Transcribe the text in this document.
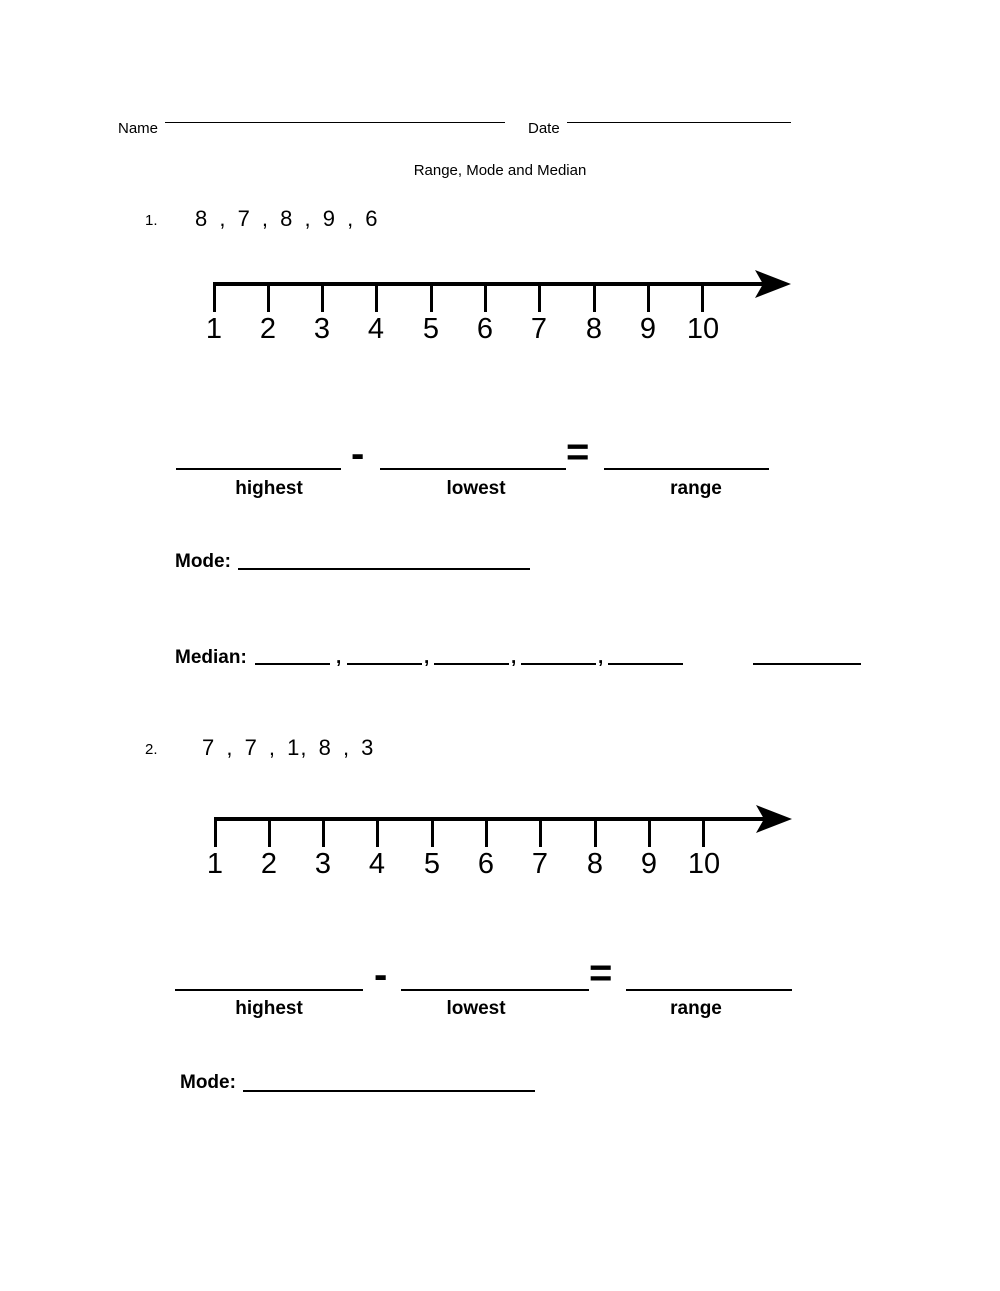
Name	Date
Range, Mode and Median
1. 8 , 7 , 8 , 9 , 6
1 2 3 4 5 6 7 8 9 10
-	=
highest	lowest	range
Mode:
Median:	,	,	,	,
2. 7 , 7 , 1, 8 , 3
1 2 3 4 5 6 7 8 9 10
-	=
highest	lowest	range
Mode:
